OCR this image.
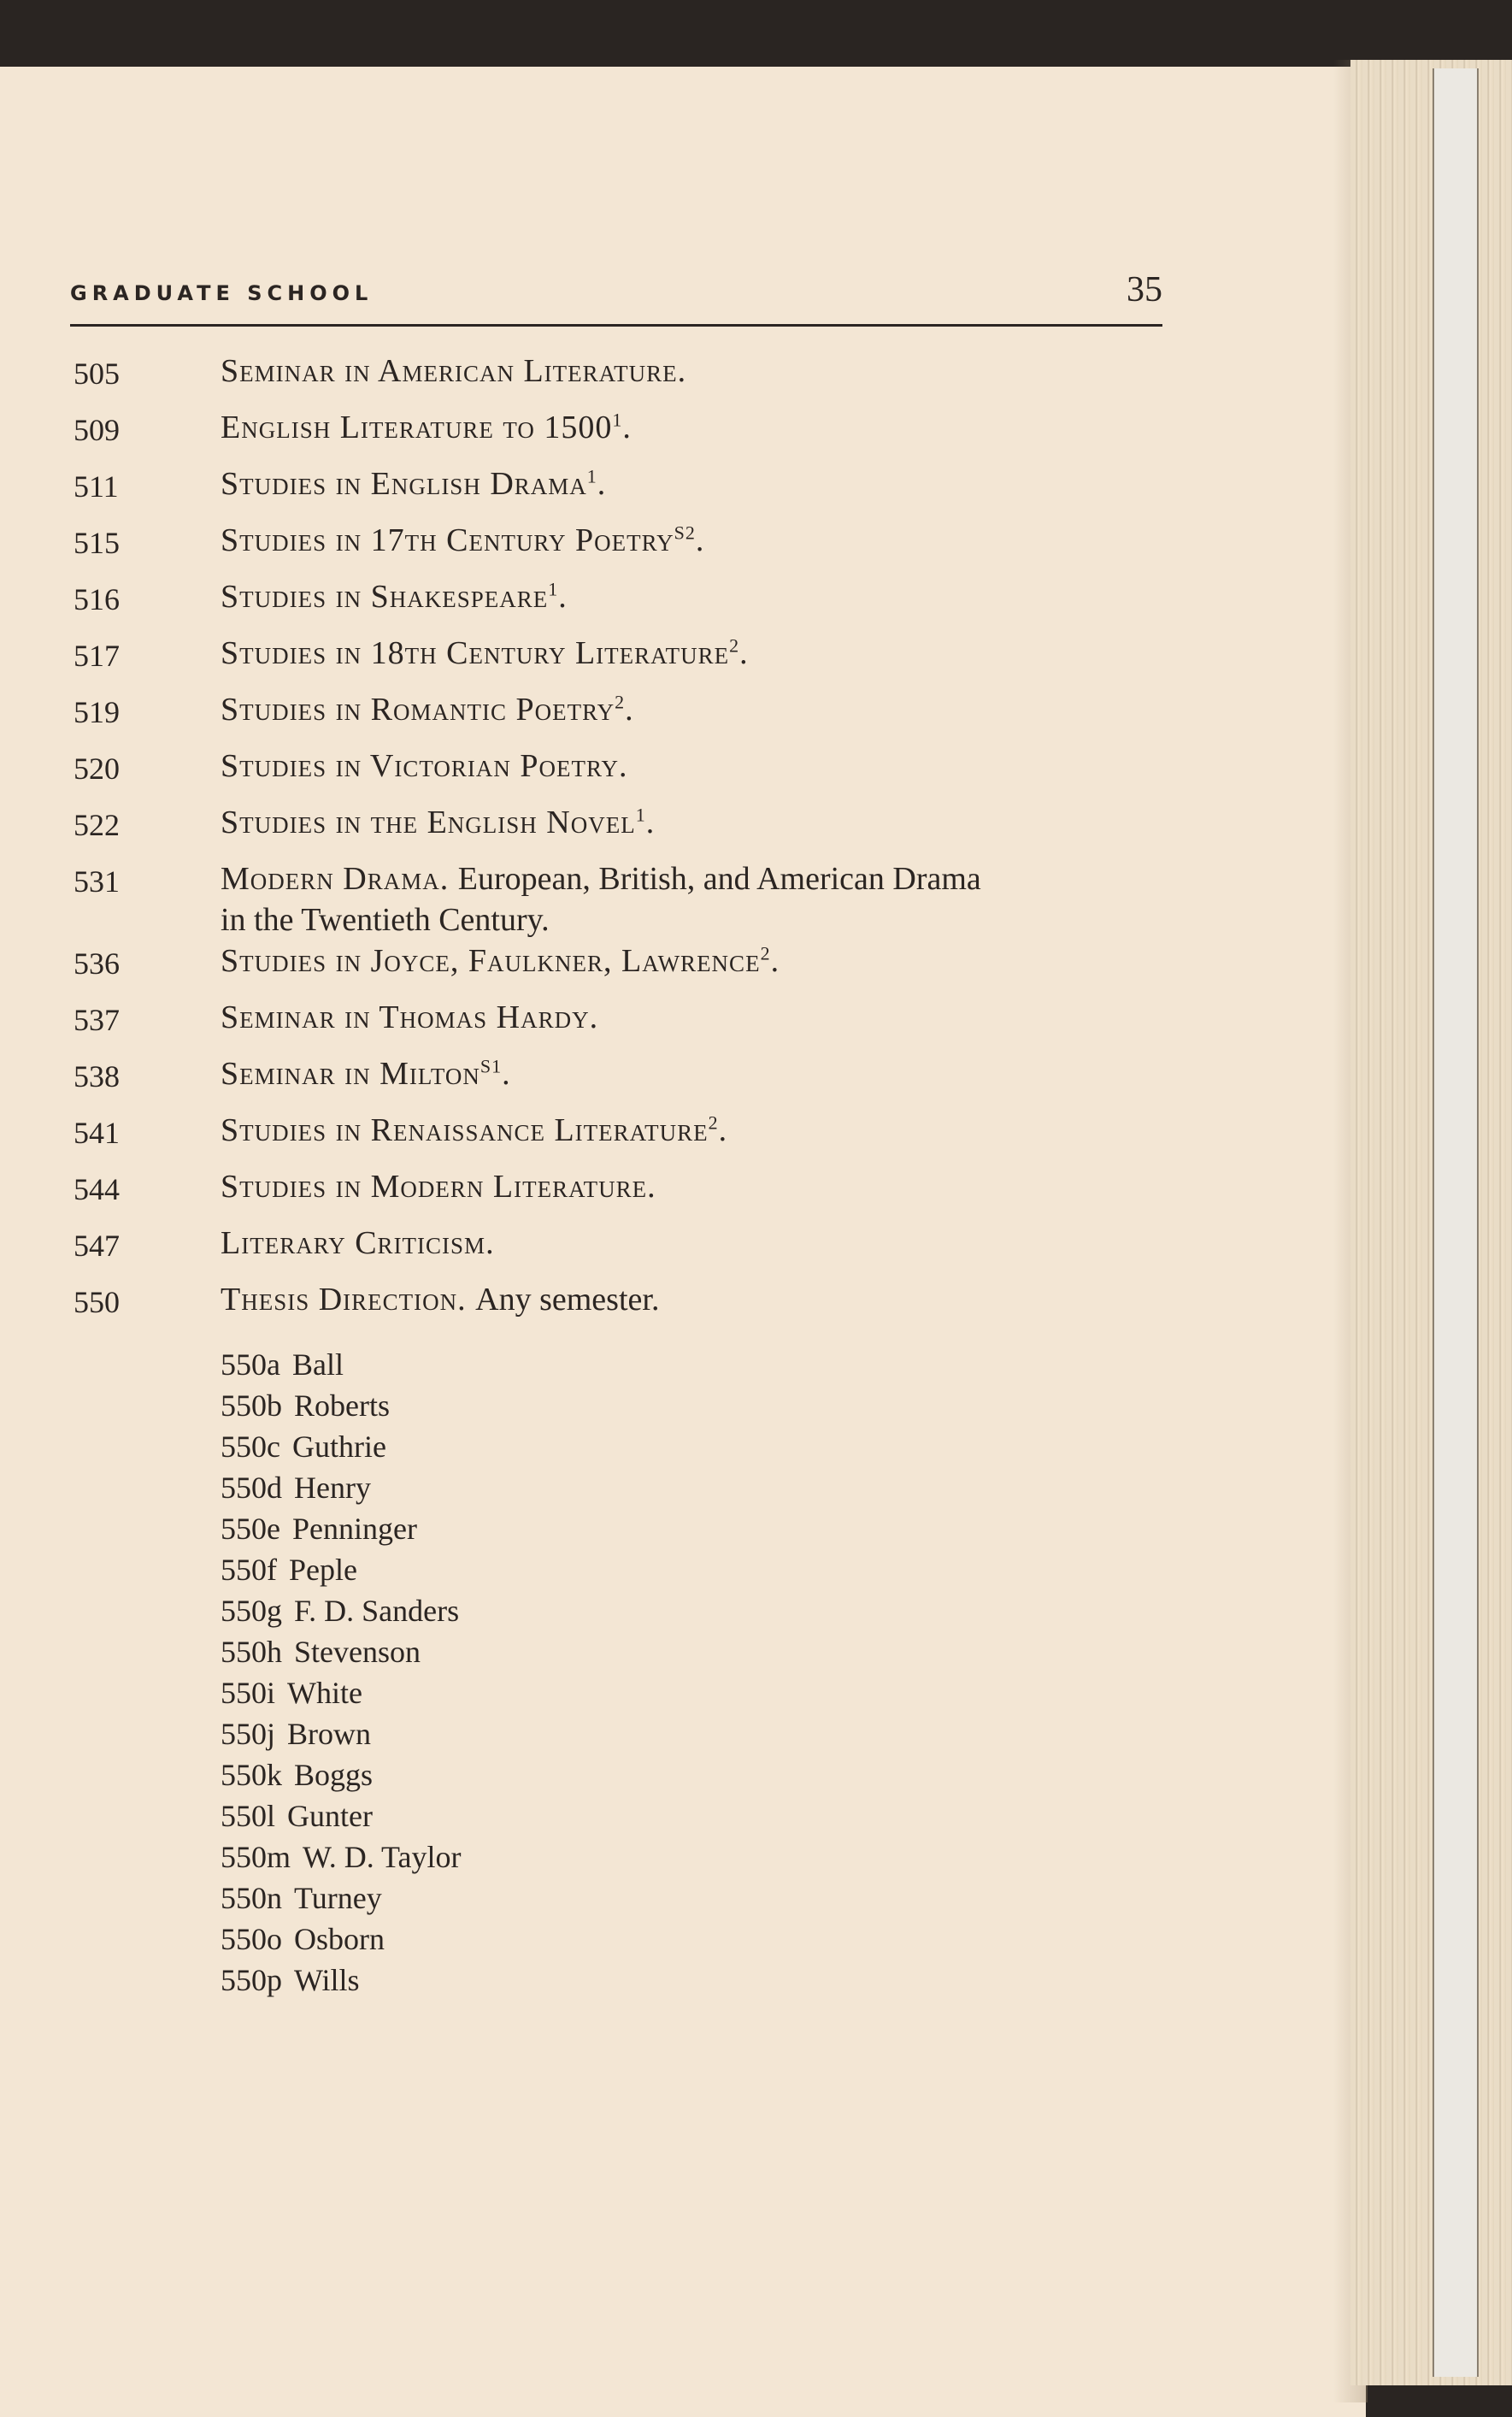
GRADUATE SCHOOL	35
505	Seminar in American Literature.
509	English Literature to 1500$^1$.
511	Studies in English Drama$^1$.
515	Studies in 17th Century Poetry$^{S2}$.
516	Studies in Shakespeare$^1$.
517	Studies in 18th Century Literature$^2$.
519	Studies in Romantic Poetry$^2$.
520	Studies in Victorian Poetry.
522	Studies in the English Novel$^1$.
531	Modern Drama. European, British, and American Drama
in the Twentieth Century.
536	Studies in Joyce, Faulkner, Lawrence$^2$.
537	Seminar in Thomas Hardy.
538	Seminar in Milton$^{S1}$.
541	Studies in Renaissance Literature$^2$.
544	Studies in Modern Literature.
547	Literary Criticism.
550	Thesis Direction. Any semester.
550a Ball
550b Roberts
550c Guthrie
550d Henry
550e Penninger
550f Peple
550g F. D. Sanders
550h Stevenson
550i White
550j Brown
550k Boggs
550l Gunter
550m W. D. Taylor
550n Turney
550o Osborn
550p Wills
